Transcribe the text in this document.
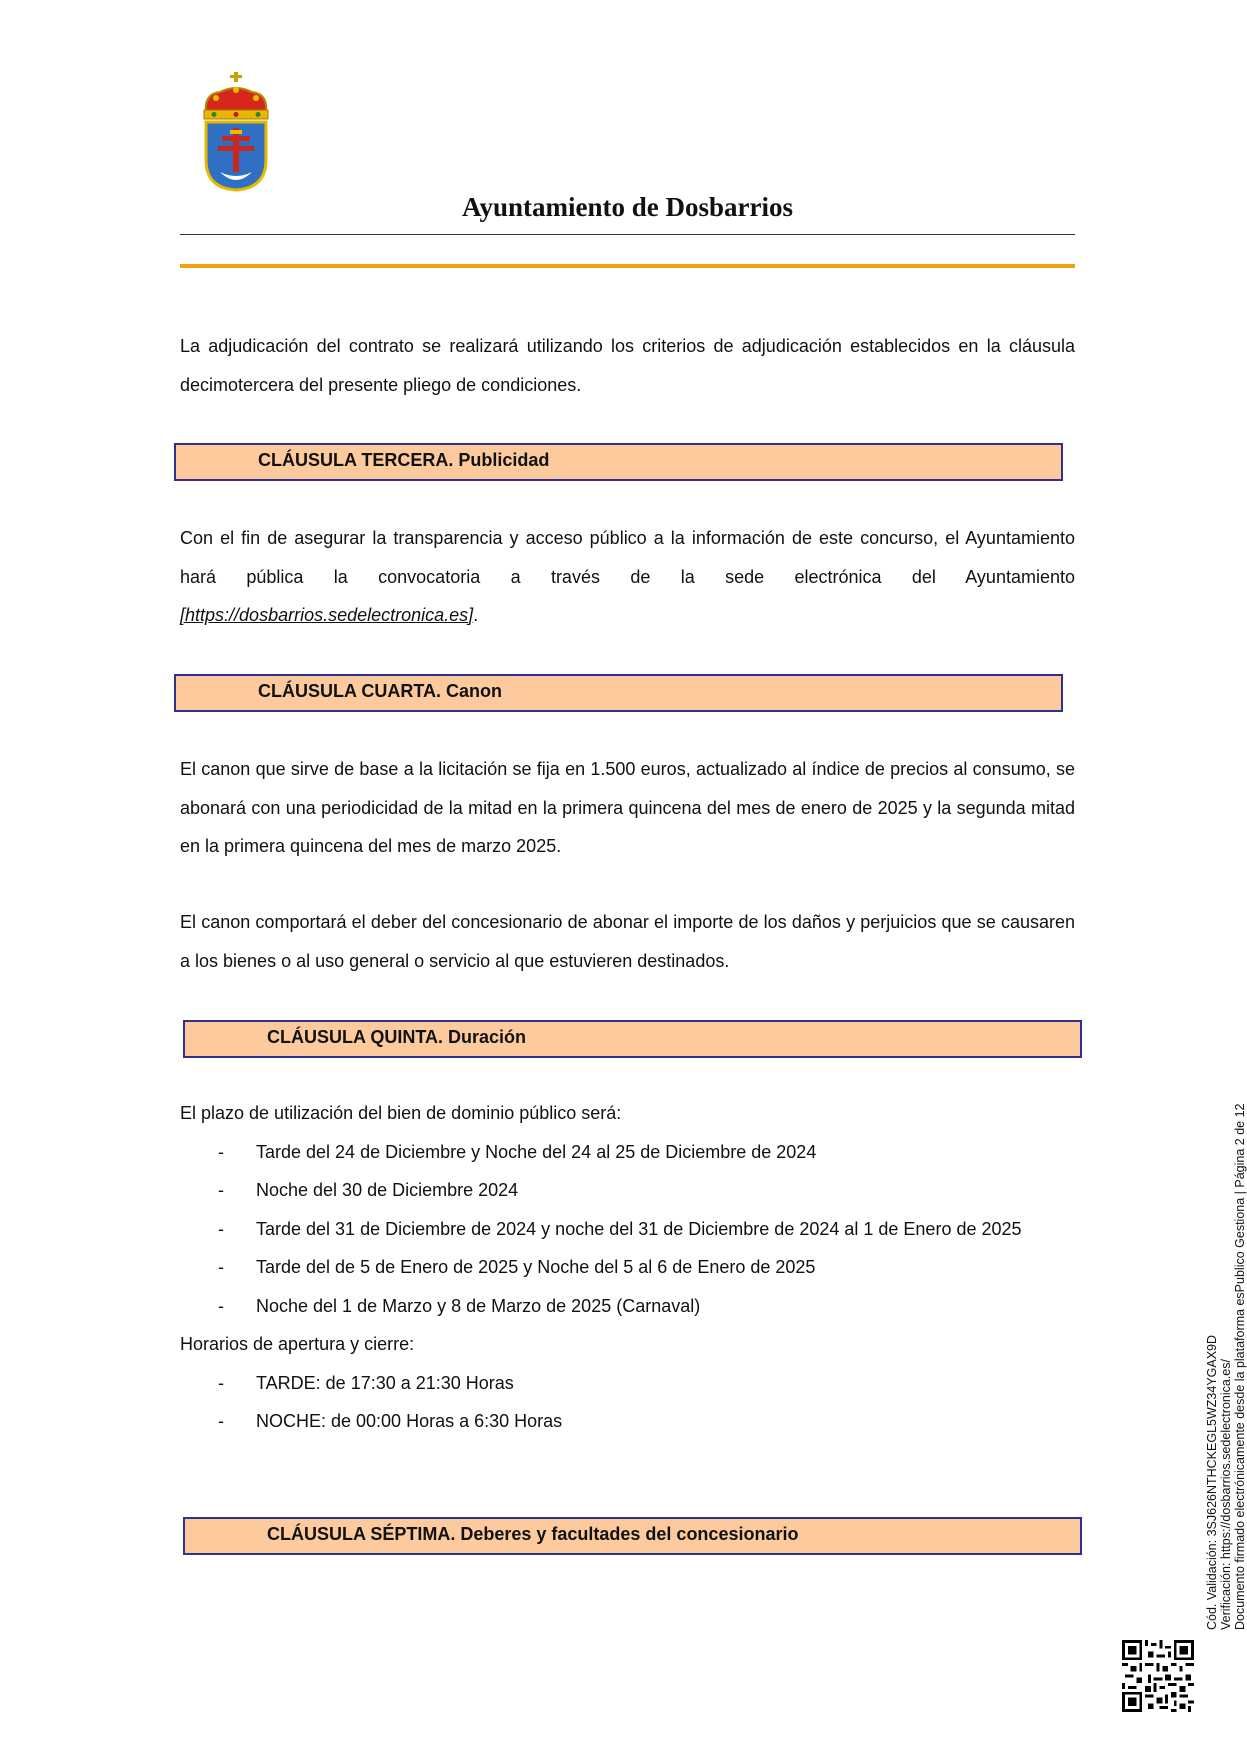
Ayuntamiento de Dosbarrios
La adjudicación del contrato se realizará utilizando los criterios de adjudicación establecidos en la cláusula decimotercera del presente pliego de condiciones.
CLÁUSULA TERCERA. Publicidad
Con el fin de asegurar la transparencia y acceso público a la información de este concurso, el Ayuntamiento hará pública la convocatoria a través de la sede electrónica del Ayuntamiento [https://dosbarrios.sedelectronica.es].
CLÁUSULA CUARTA. Canon
El canon que sirve de base a la licitación se fija en 1.500 euros, actualizado al índice de precios al consumo, se abonará con una periodicidad de la mitad en la primera quincena del mes de enero de 2025 y la segunda mitad en la primera quincena del mes de marzo 2025.
El canon comportará el deber del concesionario de abonar el importe de los daños y perjuicios que se causaren a los bienes o al uso general o servicio al que estuvieren destinados.
CLÁUSULA QUINTA. Duración
El plazo de utilización del bien de dominio público será:
- Tarde del 24 de Diciembre y Noche del 24 al 25 de Diciembre de 2024
- Noche del 30 de Diciembre 2024
- Tarde del 31 de Diciembre de 2024 y noche del 31 de Diciembre de 2024 al 1 de Enero de 2025
- Tarde del de 5 de Enero de 2025 y Noche del 5 al 6 de Enero de 2025
- Noche del 1 de Marzo y 8 de Marzo de 2025 (Carnaval)
Horarios de apertura y cierre:
- TARDE: de 17:30 a 21:30 Horas
- NOCHE: de 00:00 Horas a 6:30 Horas
CLÁUSULA SÉPTIMA. Deberes y facultades del concesionario	Cód. Validación: 3SJ626NTHCKEGL5WZ34YGAX9D Verificación: https://dosbarrios.sedelectronica.es/ Documento firmado electrónicamente desde la plataforma esPublico Gestiona | Página 2 de 12
